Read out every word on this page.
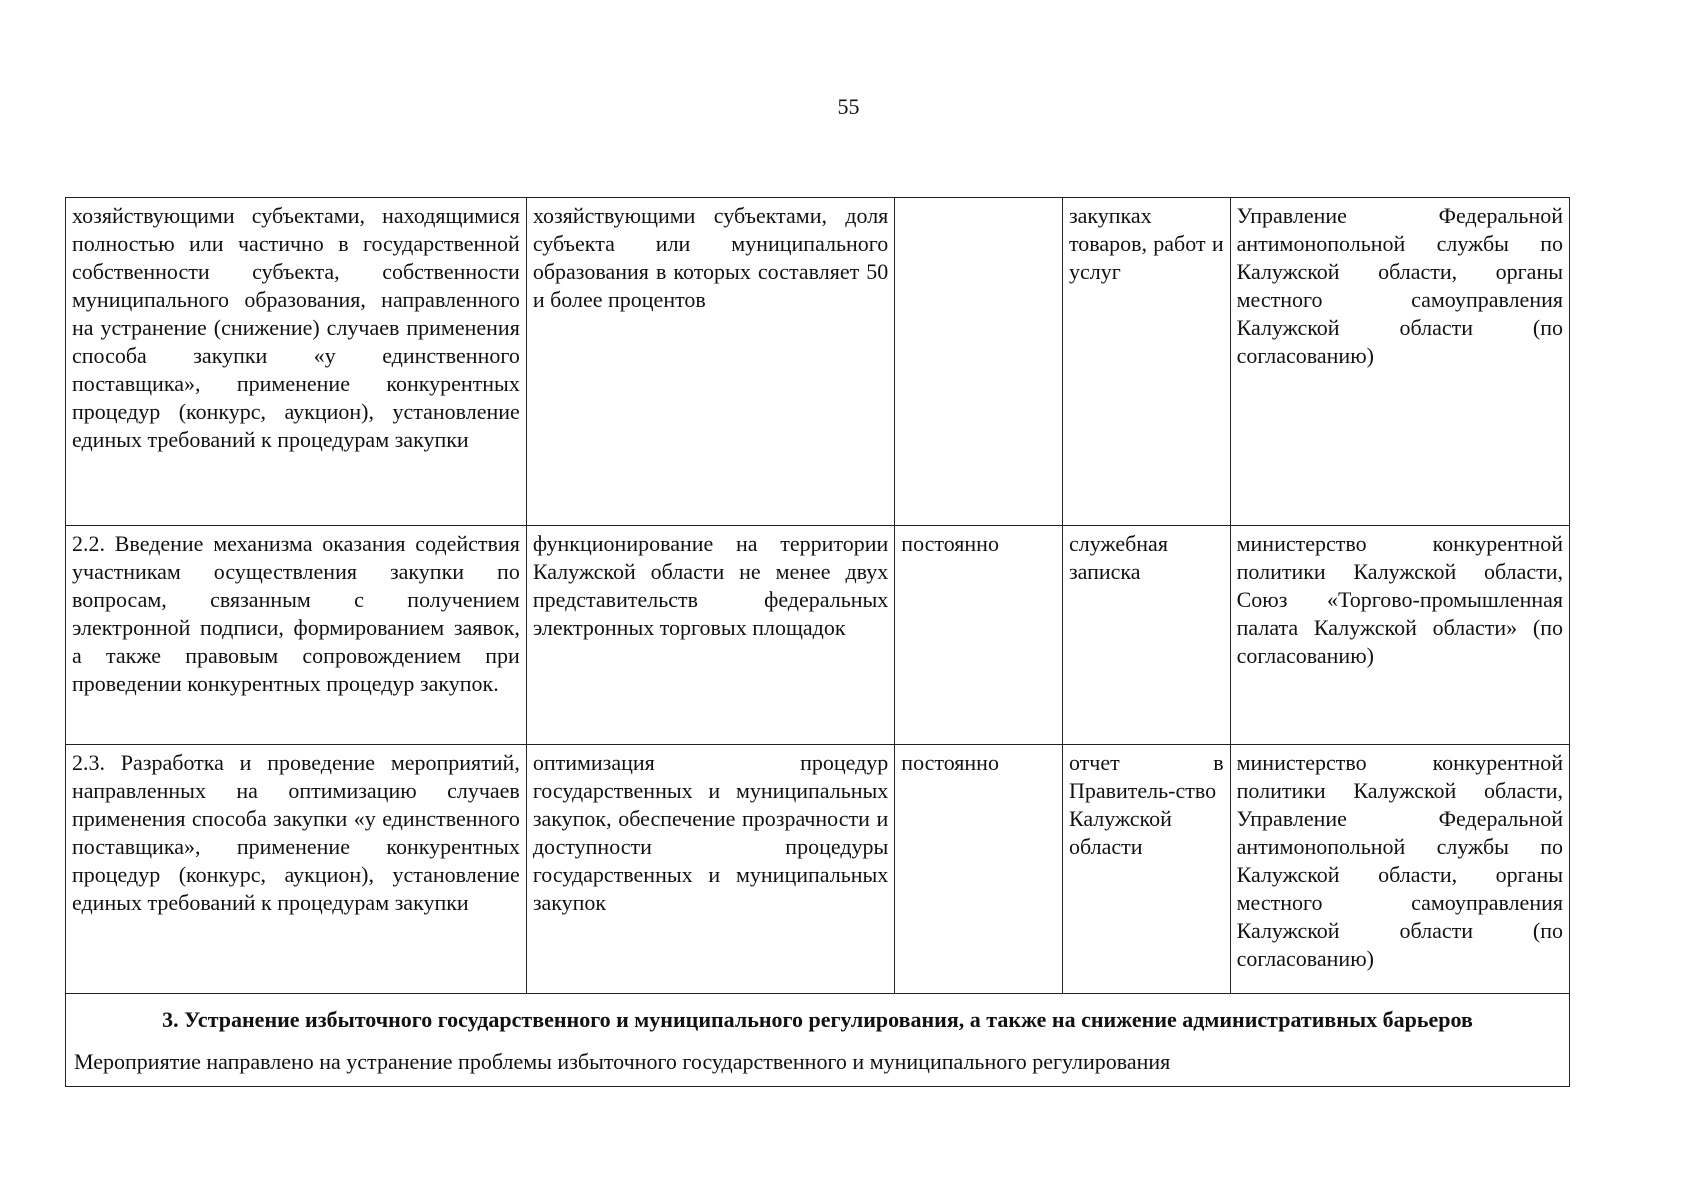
55
хозяйствующими субъектами, находящимися полностью или частично в государственной собственности субъекта, собственности муниципального образования, направленного на устранение (снижение) случаев применения способа закупки «у единственного поставщика», применение конкурентных процедур (конкурс, аукцион), установление единых требований к процедурам закупки	хозяйствующими субъектами, доля субъекта или муниципального образования в которых составляет 50 и более процентов		закупках товаров, работ и услуг	Управление Федеральной антимонопольной службы по Калужской области, органы местного самоуправления Калужской области (по согласованию)
2.2. Введение механизма оказания содействия участникам осуществления закупки по вопросам, связанным с получением электронной подписи, формированием заявок, а также правовым сопровождением при проведении конкурентных процедур закупок.	функционирование на территории Калужской области не менее двух представительств федеральных электронных торговых площадок	постоянно	служебная записка	министерство конкурентной политики Калужской области, Союз «Торгово-промышленная палата Калужской области» (по согласованию)
2.3. Разработка и проведение мероприятий, направленных на оптимизацию случаев применения способа закупки «у единственного поставщика», применение конкурентных процедур (конкурс, аукцион), установление единых требований к процедурам закупки	оптимизация процедур государственных и муниципальных закупок, обеспечение прозрачности и доступности процедуры государственных и муниципальных закупок	постоянно	отчет в Правитель-ство Калужской области	министерство конкурентной политики Калужской области, Управление Федеральной антимонопольной службы по Калужской области, органы местного самоуправления Калужской области (по согласованию)

3. Устранение избыточного государственного и муниципального регулирования, а также на снижение административных барьеров
Мероприятие направлено на устранение проблемы избыточного государственного и муниципального регулирования				
